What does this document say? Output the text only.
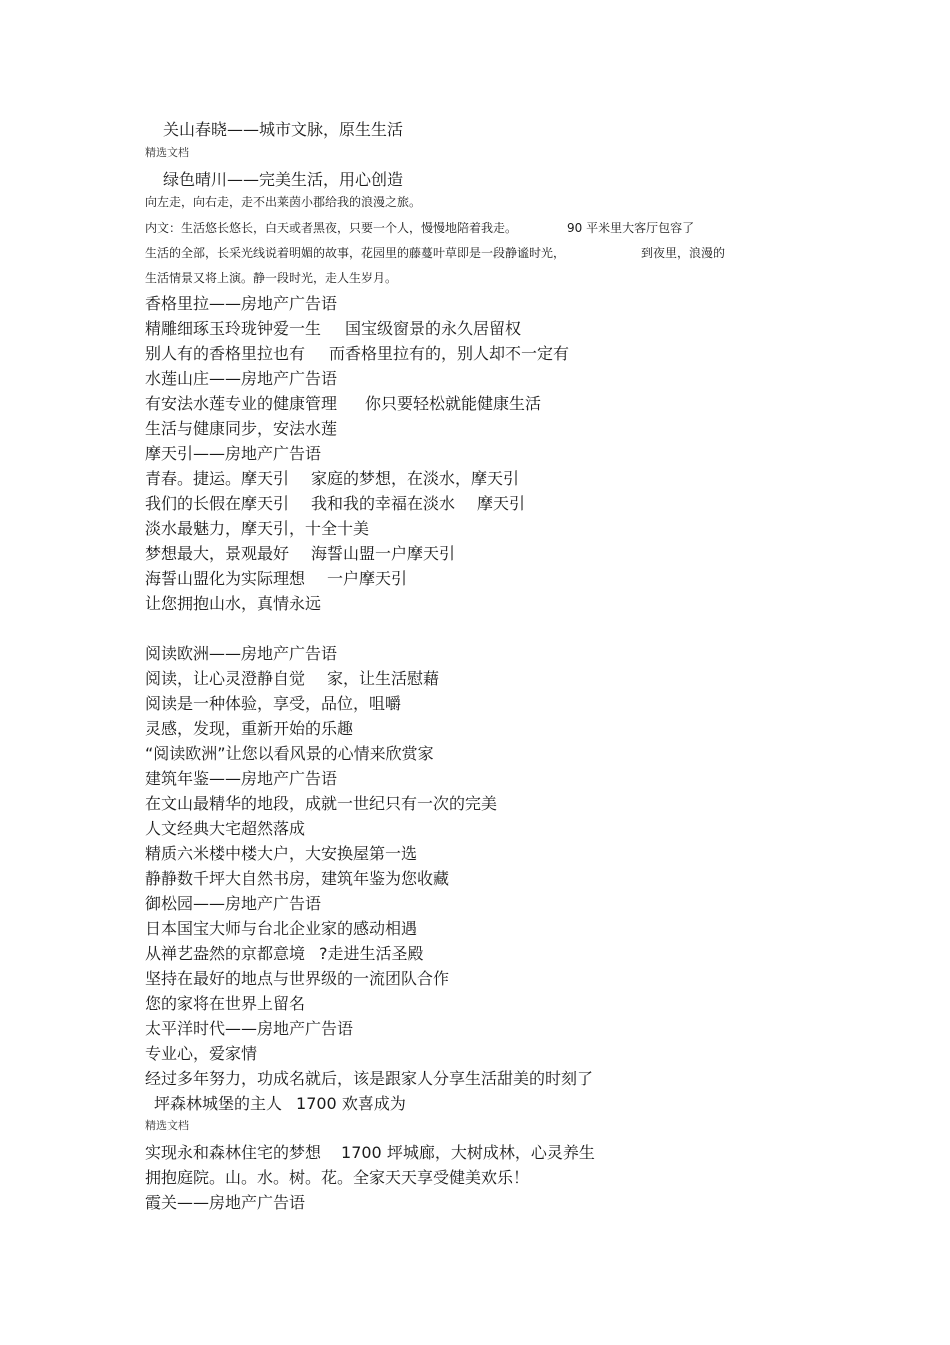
关山春晓——城市文脉，原生生活
精选文档
绿色晴川——完美生活，用心创造
向左走，向右走，走不出莱茵小郡给我的浪漫之旅。
内文：生活悠长悠长，白天或者黑夜，只要一个人，慢慢地陪着我走。	90 平米里大客厅包容了
生活的全部，长采光线说着明媚的故事，花园里的藤蔓叶草即是一段静谧时光，	到夜里，浪漫的
生活情景又将上演。静一段时光，走人生岁月。
香格里拉——房地产广告语
精雕细琢玉玲珑钟爱一生 国宝级窗景的永久居留权
别人有的香格里拉也有 而香格里拉有的，别人却不一定有
水莲山庄——房地产广告语
有安法水莲专业的健康管理 你只要轻松就能健康生活
生活与健康同步，安法水莲
摩天引——房地产广告语
青春。捷运。摩天引 家庭的梦想，在淡水，摩天引
我们的长假在摩天引 我和我的幸福在淡水 摩天引
淡水最魅力，摩天引，十全十美
梦想最大，景观最好 海誓山盟一户摩天引
海誓山盟化为实际理想 一户摩天引
让您拥抱山水，真情永远
阅读欧洲——房地产广告语
阅读，让心灵澄静自觉 家，让生活慰藉
阅读是一种体验，享受，品位，咀嚼
灵感，发现，重新开始的乐趣
“阅读欧洲”让您以看风景的心情来欣赏家
建筑年鉴——房地产广告语
在文山最精华的地段，成就一世纪只有一次的完美
人文经典大宅超然落成
精质六米楼中楼大户，大安换屋第一选
静静数千坪大自然书房，建筑年鉴为您收藏
御松园——房地产广告语
日本国宝大师与台北企业家的感动相遇
从禅艺盎然的京都意境 ?走进生活圣殿
坚持在最好的地点与世界级的一流团队合作
您的家将在世界上留名
太平洋时代——房地产广告语
专业心，爱家情
经过多年努力，功成名就后，该是跟家人分享生活甜美的时刻了
坪森林城堡的主人 1700 欢喜成为
精选文档
实现永和森林住宅的梦想 1700 坪城廊，大树成林，心灵养生
拥抱庭院。山。水。树。花。全家天天享受健美欢乐！
霞关——房地产广告语
